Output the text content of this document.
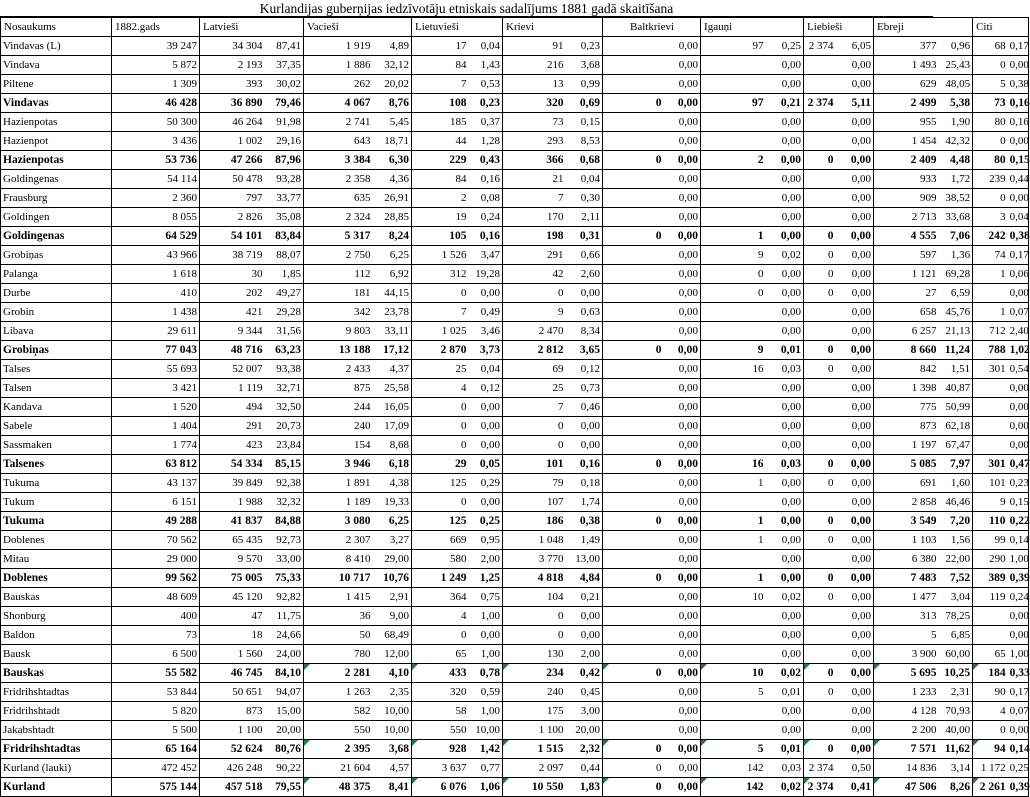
Kurlandijas guberņijas iedzīvotāju etniskais sadalījums 1881 gadā skaitīšana
Nosaukums	1882.gads	Latvieši		Vacieši		Lietuvieši		Krievi		Baltkrievi		Igauņi		Liebieši		Ebreji		Citi	
Vindavas (L)	39 247	34 304	87,41	1 919	4,89	17	0,04	91	0,23		0,00	97	0,25	2 374	6,05	377	0,96	68	0,17
Vindava	5 872	2 193	37,35	1 886	32,12	84	1,43	216	3,68		0,00		0,00		0,00	1 493	25,43	0	0,00
Piltene	1 309	393	30,02	262	20,02	7	0,53	13	0,99		0,00		0,00		0,00	629	48,05	5	0,38
Vindavas	46 428	36 890	79,46	4 067	8,76	108	0,23	320	0,69	0	0,00	97	0,21	2 374	5,11	2 499	5,38	73	0,16
Hazienpotas	50 300	46 264	91,98	2 741	5,45	185	0,37	73	0,15		0,00		0,00		0,00	955	1,90	80	0,16
Hazienpot	3 436	1 002	29,16	643	18,71	44	1,28	293	8,53		0,00		0,00		0,00	1 454	42,32	0	0,00
Hazienpotas	53 736	47 266	87,96	3 384	6,30	229	0,43	366	0,68	0	0,00	2	0,00	0	0,00	2 409	4,48	80	0,15
Goldingenas	54 114	50 478	93,28	2 358	4,36	84	0,16	21	0,04		0,00		0,00		0,00	933	1,72	239	0,44
Frausburg	2 360	797	33,77	635	26,91	2	0,08	7	0,30		0,00		0,00		0,00	909	38,52	0	0,00
Goldingen	8 055	2 826	35,08	2 324	28,85	19	0,24	170	2,11		0,00		0,00		0,00	2 713	33,68	3	0,04
Goldingenas	64 529	54 101	83,84	5 317	8,24	105	0,16	198	0,31	0	0,00	1	0,00	0	0,00	4 555	7,06	242	0,38
Grobiņas	43 966	38 719	88,07	2 750	6,25	1 526	3,47	291	0,66		0,00	9	0,02	0	0,00	597	1,36	74	0,17
Palanga	1 618	30	1,85	112	6,92	312	19,28	42	2,60		0,00	0	0,00	0	0,00	1 121	69,28	1	0,06
Durbe	410	202	49,27	181	44,15	0	0,00	0	0,00		0,00	0	0,00	0	0,00	27	6,59		0,00
Grobin	1 438	421	29,28	342	23,78	7	0,49	9	0,63		0,00		0,00		0,00	658	45,76	1	0,07
Libava	29 611	9 344	31,56	9 803	33,11	1 025	3,46	2 470	8,34		0,00		0,00		0,00	6 257	21,13	712	2,40
Grobiņas	77 043	48 716	63,23	13 188	17,12	2 870	3,73	2 812	3,65	0	0,00	9	0,01	0	0,00	8 660	11,24	788	1,02
Talses	55 693	52 007	93,38	2 433	4,37	25	0,04	69	0,12		0,00	16	0,03	0	0,00	842	1,51	301	0,54
Talsen	3 421	1 119	32,71	875	25,58	4	0,12	25	0,73		0,00		0,00		0,00	1 398	40,87		0,00
Kandava	1 520	494	32,50	244	16,05	0	0,00	7	0,46		0,00		0,00		0,00	775	50,99		0,00
Sabele	1 404	291	20,73	240	17,09	0	0,00	0	0,00		0,00		0,00		0,00	873	62,18		0,00
Sassmaken	1 774	423	23,84	154	8,68	0	0,00	0	0,00		0,00		0,00		0,00	1 197	67,47		0,00
Talsenes	63 812	54 334	85,15	3 946	6,18	29	0,05	101	0,16	0	0,00	16	0,03	0	0,00	5 085	7,97	301	0,47
Tukuma	43 137	39 849	92,38	1 891	4,38	125	0,29	79	0,18		0,00	1	0,00	0	0,00	691	1,60	101	0,23
Tukum	6 151	1 988	32,32	1 189	19,33	0	0,00	107	1,74		0,00		0,00		0,00	2 858	46,46	9	0,15
Tukuma	49 288	41 837	84,88	3 080	6,25	125	0,25	186	0,38	0	0,00	1	0,00	0	0,00	3 549	7,20	110	0,22
Doblenes	70 562	65 435	92,73	2 307	3,27	669	0,95	1 048	1,49		0,00	1	0,00	0	0,00	1 103	1,56	99	0,14
Mitau	29 000	9 570	33,00	8 410	29,00	580	2,00	3 770	13,00		0,00		0,00		0,00	6 380	22,00	290	1,00
Doblenes	99 562	75 005	75,33	10 717	10,76	1 249	1,25	4 818	4,84	0	0,00	1	0,00	0	0,00	7 483	7,52	389	0,39
Bauskas	48 609	45 120	92,82	1 415	2,91	364	0,75	104	0,21		0,00	10	0,02	0	0,00	1 477	3,04	119	0,24
Shonburg	400	47	11,75	36	9,00	4	1,00	0	0,00		0,00		0,00		0,00	313	78,25		0,00
Baldon	73	18	24,66	50	68,49	0	0,00	0	0,00		0,00		0,00		0,00	5	6,85		0,00
Bausk	6 500	1 560	24,00	780	12,00	65	1,00	130	2,00		0,00		0,00		0,00	3 900	60,00	65	1,00
Bauskas	55 582	46 745	84,10	2 281	4,10	433	0,78	234	0,42	0	0,00	10	0,02	0	0,00	5 695	10,25	184	0,33
Fridrihshtadtas	53 844	50 651	94,07	1 263	2,35	320	0,59	240	0,45		0,00	5	0,01	0	0,00	1 233	2,31	90	0,17
Fridrihshtadt	5 820	873	15,00	582	10,00	58	1,00	175	3,00		0,00		0,00		0,00	4 128	70,93	4	0,07
Jakabshtadt	5 500	1 100	20,00	550	10,00	550	10,00	1 100	20,00		0,00		0,00		0,00	2 200	40,00	0	0,00
Fridrihshtadtas	65 164	52 624	80,76	2 395	3,68	928	1,42	1 515	2,32	0	0,00	5	0,01	0	0,00	7 571	11,62	94	0,14
Kurland (lauki)	472 452	426 248	90,22	21 604	4,57	3 637	0,77	2 097	0,44	0	0,00	142	0,03	2 374	0,50	14 836	3,14	1 172	0,25
Kurland	575 144	457 518	79,55	48 375	8,41	6 076	1,06	10 550	1,83	0	0,00	142	0,02	2 374	0,41	47 506	8,26	2 261	0,39
